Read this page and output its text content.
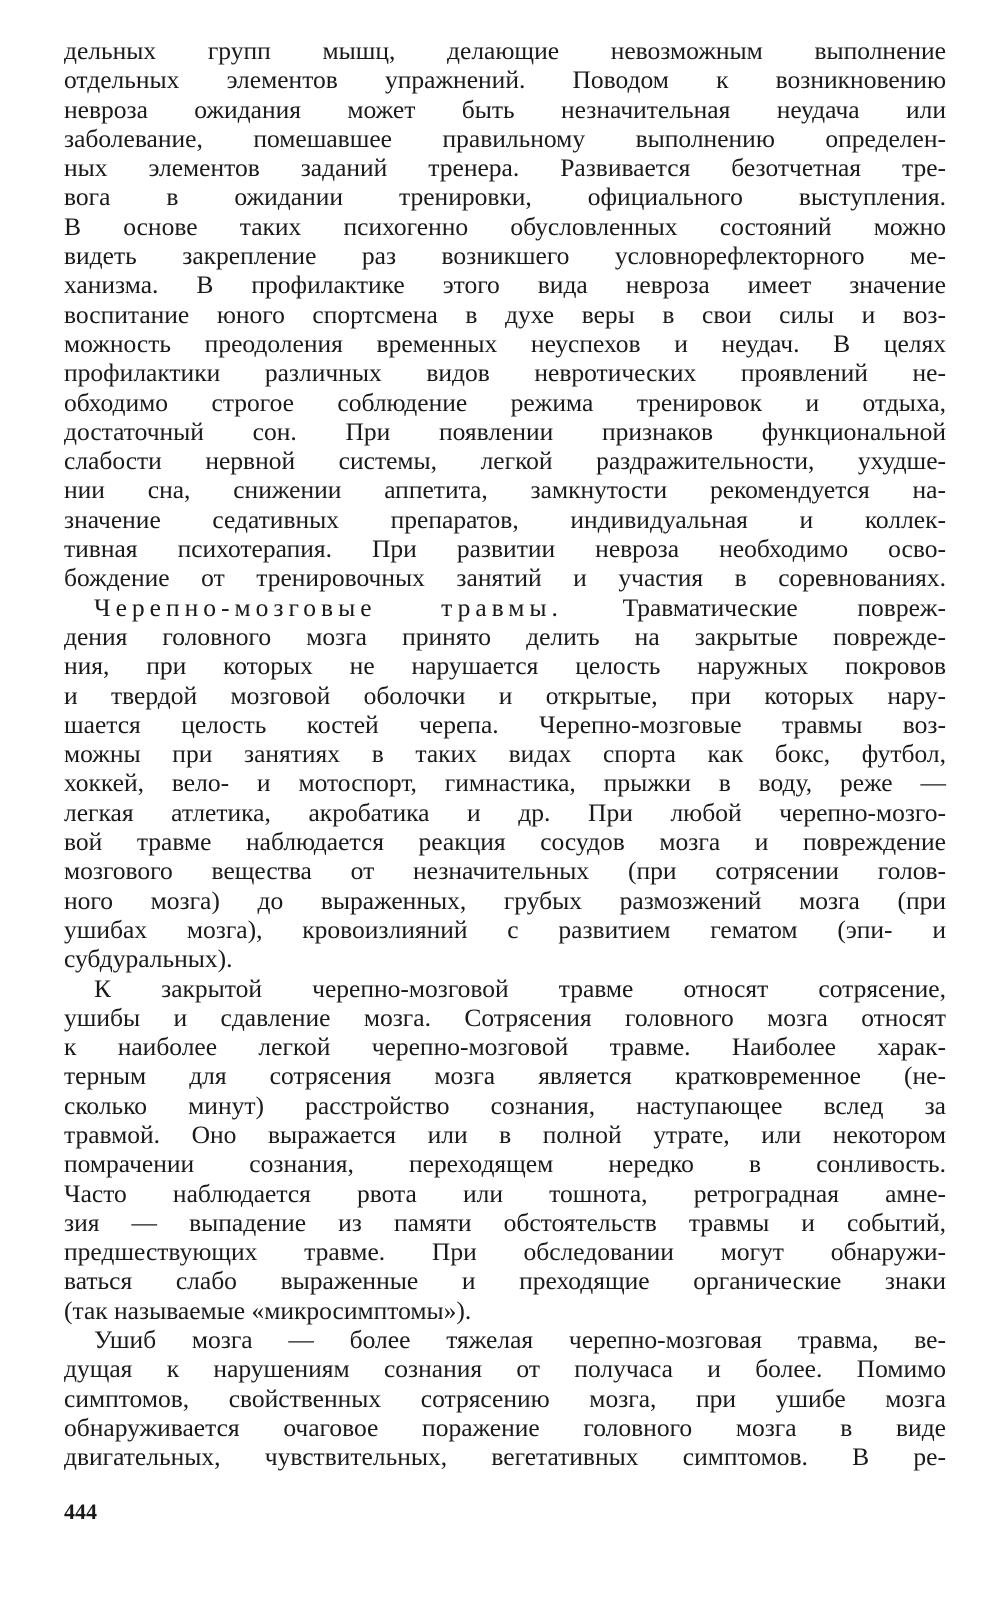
дельных групп мышц, делающие невозможным выполнение
отдельных элементов упражнений. Поводом к возникновению
невроза ожидания может быть незначительная неудача или
заболевание, помешавшее правильному выполнению определен-
ных элементов заданий тренера. Развивается безотчетная тре-
вога в ожидании тренировки, официального выступления.
В основе таких психогенно обусловленных состояний можно
видеть закрепление раз возникшего условнорефлекторного ме-
ханизма. В профилактике этого вида невроза имеет значение
воспитание юного спортсмена в духе веры в свои силы и воз-
можность преодоления временных неуспехов и неудач. В целях
профилактики различных видов невротических проявлений не-
обходимо строгое соблюдение режима тренировок и отдыха,
достаточный сон. При появлении признаков функциональной
слабости нервной системы, легкой раздражительности, ухудше-
нии сна, снижении аппетита, замкнутости рекомендуется на-
значение седативных препаратов, индивидуальная и коллек-
тивная психотерапия. При развитии невроза необходимо осво-
бождение от тренировочных занятий и участия в соревнованиях.
Черепно-мозговые травмы. Травматические повреж-
дения головного мозга принято делить на закрытые поврежде-
ния, при которых не нарушается целость наружных покровов
и твердой мозговой оболочки и открытые, при которых нару-
шается целость костей черепа. Черепно-мозговые травмы воз-
можны при занятиях в таких видах спорта как бокс, футбол,
хоккей, вело- и мотоспорт, гимнастика, прыжки в воду, реже —
легкая атлетика, акробатика и др. При любой черепно-мозго-
вой травме наблюдается реакция сосудов мозга и повреждение
мозгового вещества от незначительных (при сотрясении голов-
ного мозга) до выраженных, грубых размозжений мозга (при
ушибах мозга), кровоизлияний с развитием гематом (эпи- и
субдуральных).
К закрытой черепно-мозговой травме относят сотрясение,
ушибы и сдавление мозга. Сотрясения головного мозга относят
к наиболее легкой черепно-мозговой травме. Наиболее харак-
терным для сотрясения мозга является кратковременное (не-
сколько минут) расстройство сознания, наступающее вслед за
травмой. Оно выражается или в полной утрате, или некотором
помрачении сознания, переходящем нередко в сонливость.
Часто наблюдается рвота или тошнота, ретроградная амне-
зия — выпадение из памяти обстоятельств травмы и событий,
предшествующих травме. При обследовании могут обнаружи-
ваться слабо выраженные и преходящие органические знаки
(так называемые «микросимптомы»).
Ушиб мозга — более тяжелая черепно-мозговая травма, ве-
дущая к нарушениям сознания от получаса и более. Помимо
симптомов, свойственных сотрясению мозга, при ушибе мозга
обнаруживается очаговое поражение головного мозга в виде
двигательных, чувствительных, вегетативных симптомов. В ре-
444
